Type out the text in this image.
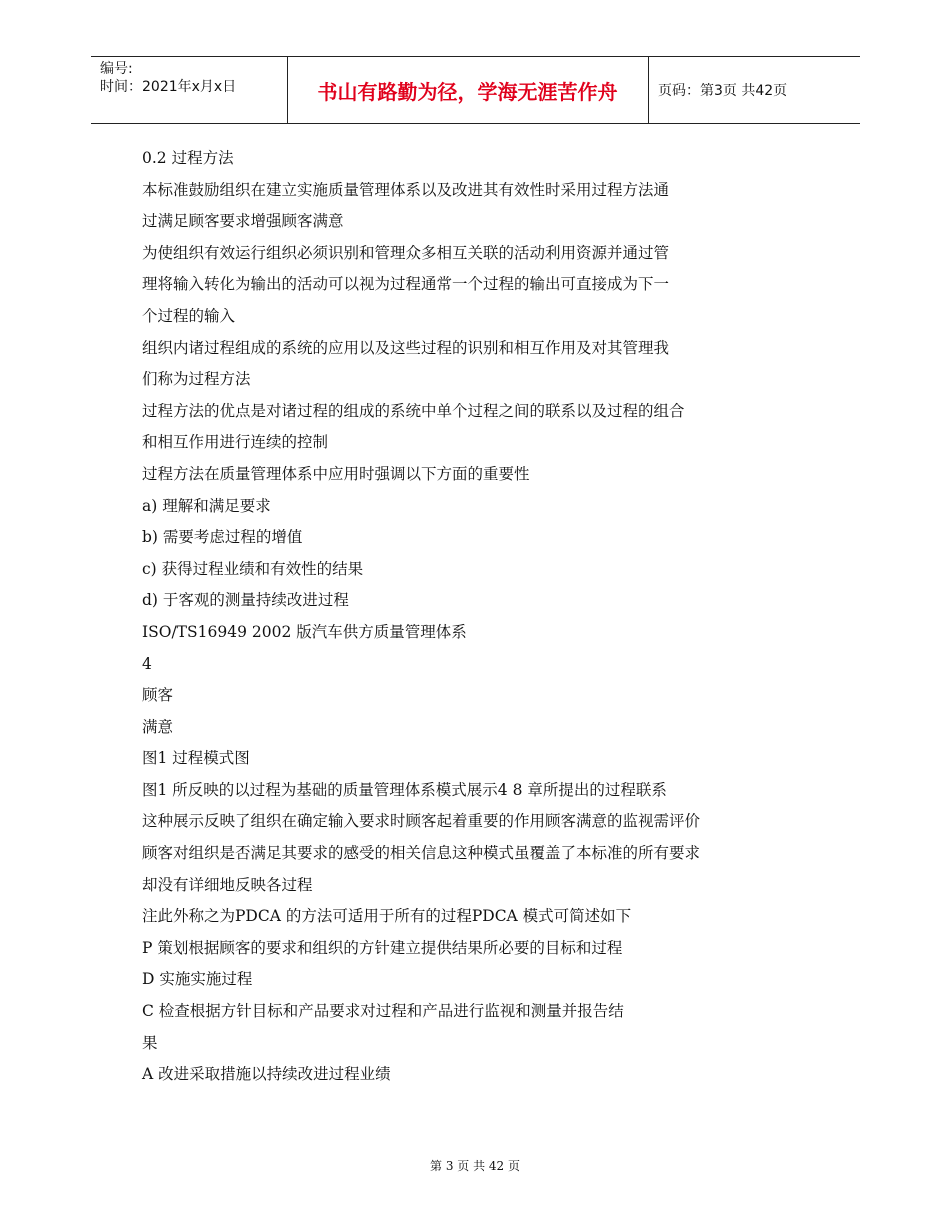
编号:
时间：2021年x月x日	书山有路勤为径，学海无涯苦作舟	页码：第3页 共42页
0.2 过程方法
本标准鼓励组织在建立实施质量管理体系以及改进其有效性时采用过程方法通
过满足顾客要求增强顾客满意
为使组织有效运行组织必须识别和管理众多相互关联的活动利用资源并通过管
理将输入转化为输出的活动可以视为过程通常一个过程的输出可直接成为下一
个过程的输入
组织内诸过程组成的系统的应用以及这些过程的识别和相互作用及对其管理我
们称为过程方法
过程方法的优点是对诸过程的组成的系统中单个过程之间的联系以及过程的组合
和相互作用进行连续的控制
过程方法在质量管理体系中应用时强调以下方面的重要性
a) 理解和满足要求
b) 需要考虑过程的增值
c) 获得过程业绩和有效性的结果
d) 于客观的测量持续改进过程
ISO/TS16949 2002 版汽车供方质量管理体系
4
顾客
满意
图1 过程模式图
图1 所反映的以过程为基础的质量管理体系模式展示4 8 章所提出的过程联系
这种展示反映了组织在确定输入要求时顾客起着重要的作用顾客满意的监视需评价
顾客对组织是否满足其要求的感受的相关信息这种模式虽覆盖了本标准的所有要求
却没有详细地反映各过程
注此外称之为PDCA 的方法可适用于所有的过程PDCA 模式可简述如下
P 策划根据顾客的要求和组织的方针建立提供结果所必要的目标和过程
D 实施实施过程
C 检查根据方针目标和产品要求对过程和产品进行监视和测量并报告结
果
A 改进采取措施以持续改进过程业绩
第 3 页 共 42 页
